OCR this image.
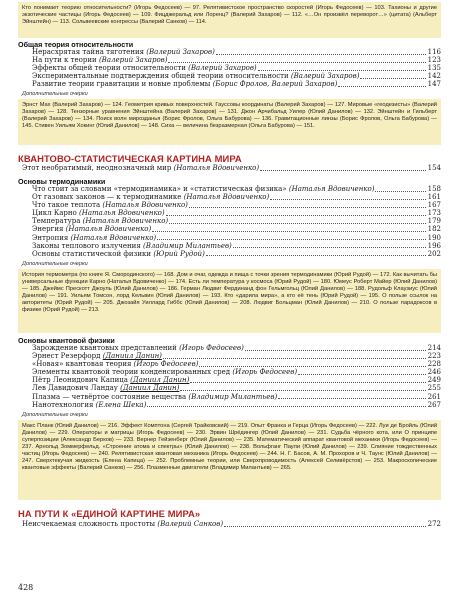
Кто понимает теорию относительности? (Игорь Федосеев) — 97. Релятивистское пространство скоростей (Игорь Федосеев) — 103. Тахионы и другие экзотические частицы (Игорь Федосеев) — 109. Фицджеральд или Лоренц? (Валерий Захаров) — 112. «…Он произвёл переворот…» (цитата) (Альберт Эйнштейн) — 113. Сольвеевские конгрессы (Валерий Санков) — 114.
Общая теория относительности
Нерасхрятая тайна тяготения (Валерий Захаров)	116
На пути к теории (Валерий Захаров)	123
Эффекты общей теории относительности (Валерий Захаров)	135
Экспериментальные подтверждения общей теории относительности (Валерий Захаров)	142
Развитие теории гравитации и новые проблемы (Борис Фролов, Валерий Захаров)	147
Дополнительные очерки
Эрнст Мах (Валерий Захаров) — 124. Геометрия кривых поверхностей. Гауссовы координаты (Валерий Захаров) — 127. Мировые «геодезисты» (Валерий Захаров) — 128. Тензорные уравнения Эйнштейна (Валерий Захаров) — 131. Джон Арчибальд Уилер (Юлий Данилов) — 132. Эйнштейн и Гильберт (Валерий Захаров) — 134. Поиск волн мирозданья (Борис Фролов, Ольга Бабурова) — 136. Гравитационные линзы (Борис Фролов, Ольга Бабурова) — 145. Стивен Уильям Хокинг (Юлий Данилов) — 148. Сиха — величина безразмерная (Ольга Бабурова) — 151.
КВАНТОВО-СТАТИСТИЧЕСКАЯ КАРТИНА МИРА
Этот необратимый, неоднозначный мир (Наталья Вдовиченко)	154
Основы термодинамики
Что стоит за словами «термодинамика» и «статистическая физика» (Наталья Вдовиченко)	158
От газовых законов — к термодинамике (Наталья Вдовиченко)	161
Что такое теплота (Наталья Вдовиченко)	167
Цикл Карно (Наталья Вдовиченко)	173
Температура (Наталья Вдовиченко)	179
Энергия (Наталья Вдовиченко)	182
Энтропия (Наталья Вдовиченко)	190
Законы теплового излучения (Владимир Милантьев)	196
Основы статистической физики (Юрий Рудой)	202
Дополнительные очерки
История термометра (по книге Я. Смородинского) — 168. Дом и очаг, одежда и пища с точки зрения термодинамики (Юрий Рудой) — 172. Как вычитать бы универсальные функции Карно (Наталья Вдовиченко) — 174. Есть ли температура у космоса (Юрий Рудой) — 180. Юмеус Роберт Майер (Юлий Данилов) — 185. Джеймс Прескотт Джоуль (Юлий Данилов) — 186. Герман Людвиг Фердинанд фон Гельмгольц (Юлий Данилов) — 188. Рудольф Клаузиус (Юлий Данилов) — 191. Уильям Томсон, лорд Кельвин (Юлий Данилов) — 193. Кто «дарила мира», а кто её тень (Юрий Рудой) — 195. О пользе ссылок на авторитеты (Юрий Рудой) — 205. Джозайя Уиллард Гиббс (Юлий Данилов) — 208. Людвиг Больцман (Юлий Данилов) — 210. О пользе парадоксов в физике (Юрий Рудой) — 213.
Основы квантовой физики
Зарождение квантовых представлений (Игорь Федосеев)	214
Эрнест Резерфорд (Даниил Данин)	223
«Новая» квантовая теория (Игорь Федосеев)	228
Элементы квантовой теории конденсированных сред (Игорь Федосеев)	246
Пётр Леонидович Капица (Даниил Данин)	249
Лев Давидович Ландау (Даниил Данин)	255
Плазма — четвёртое состояние вещества (Владимир Милантьев)	261
Нанотехнология (Елена Шека)	267
Дополнительные очерки
Макс Планк (Юлий Данилов) — 216. Эффект Комптона (Сергей Трайковский) — 219. Опыт Франка и Герца (Игорь Федосеев) — 222. Луи де Бройль (Юлий Данилов) — 229. Операторы и матрицы (Игорь Федосеев) — 230. Эрвин Шрёдингер (Юлий Данилов) — 231. Судьба чёрного кота, или О принципе суперпозиции (Александр Берков) — 233. Вернер Гейзенберг (Юлий Данилов) — 235. Математический аппарат квантовой механики (Игорь Федосеев) — 237. Арнольд Зоммерфельд. «Строение атома и спектры» (Юлий Данилов) — 238. Вольфганг Паули (Юлий Данилов) — 239. Слияние тождественных частиц (Игорь Федосеев) — 240. Релятивистская квантовая механика (Игорь Федосеев) — 244. Н. Г. Басов, А. М. Прохоров и Ч. Таунс (Юлий Данилов) — 247. Сверхтекучая жидкость (Елена Капица) — 252. Проблемные теории, или Сверхпроводимость (Алексей Селивёрстов) — 253. Макроскопические квантовые эффекты (Валерий Санков) — 256. Плазменные двигатели (Владимир Милантьев) — 265.
НА ПУТИ К «ЕДИНОЙ КАРТИНЕ МИРА»
Неисчекаемая сложность простоты (Валерий Санков)	272
428
